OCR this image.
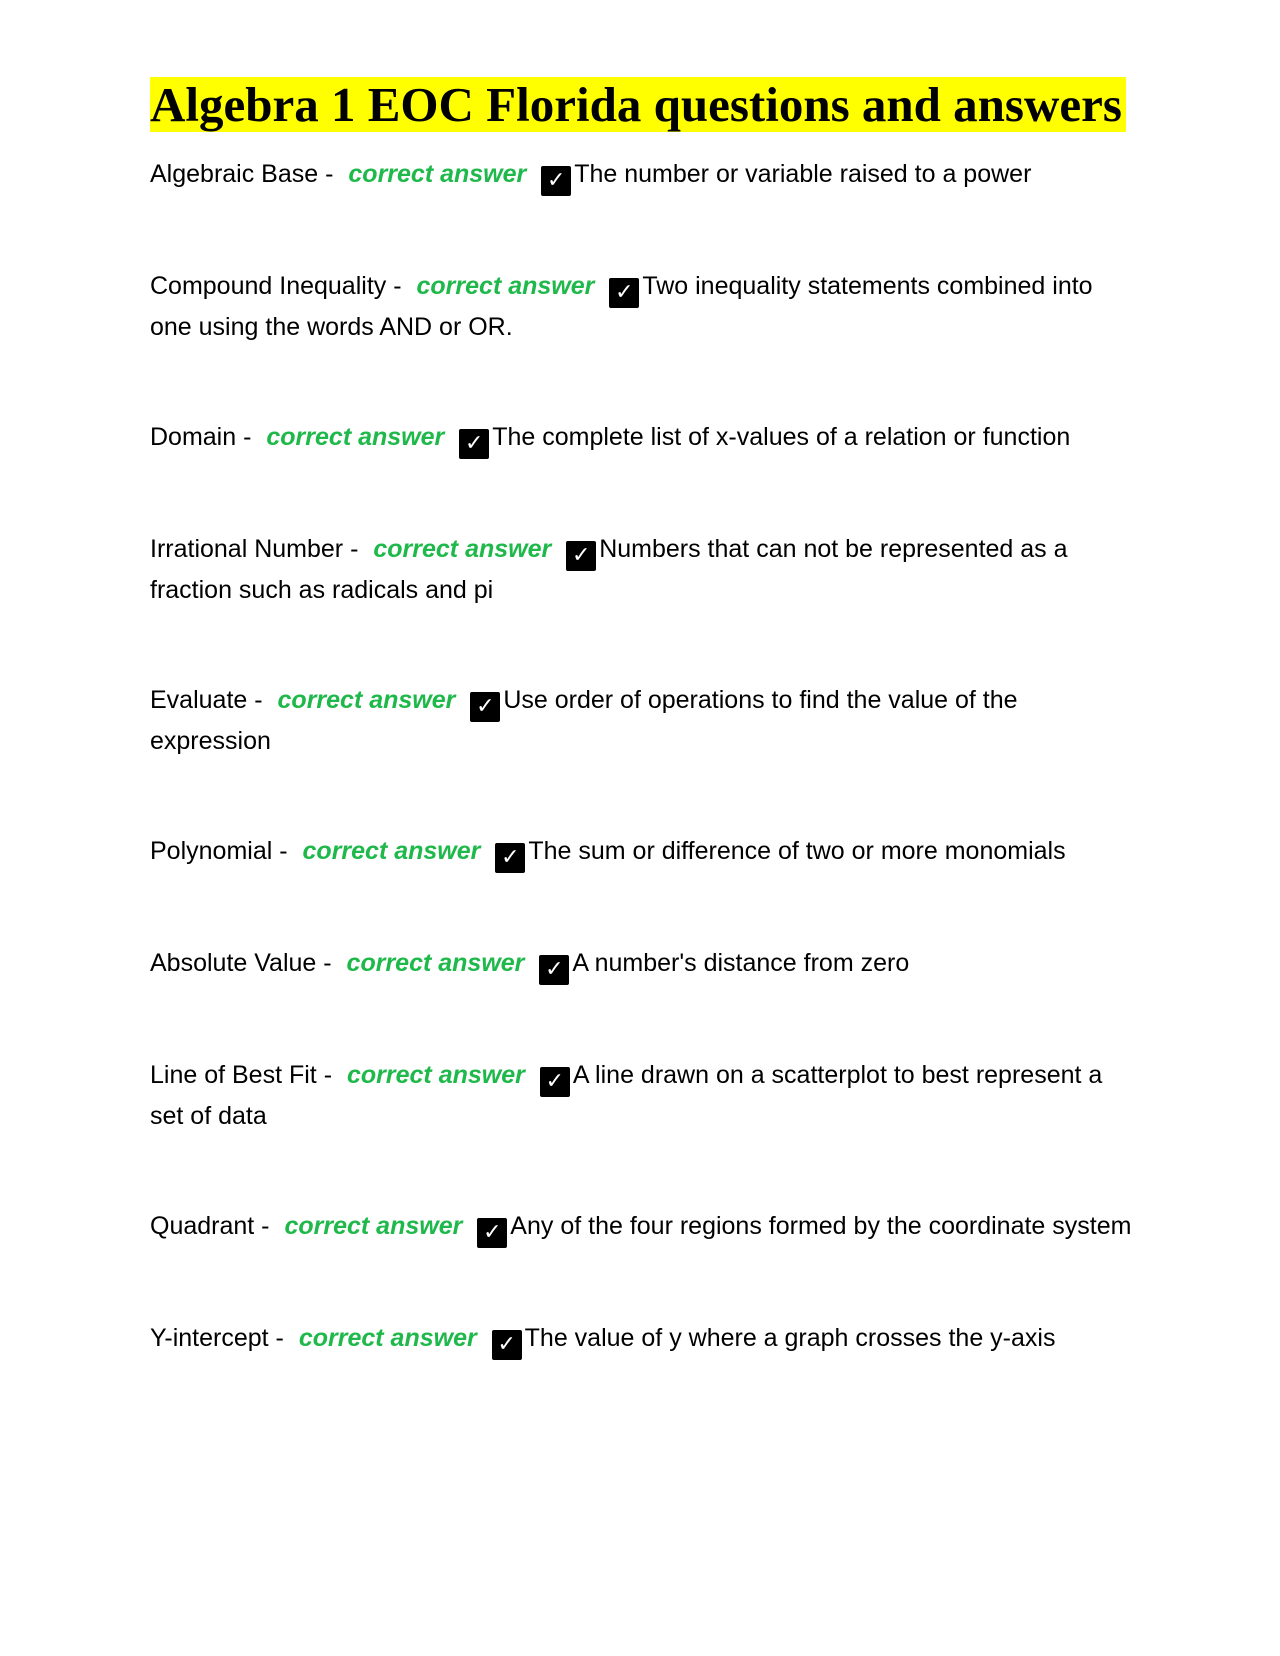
Algebra 1 EOC Florida questions and answers

Algebraic Base - correct answer ✓ The number or variable raised to a power

Compound Inequality - correct answer ✓ Two inequality statements combined into one using the words AND or OR.

Domain - correct answer ✓ The complete list of x-values of a relation or function

Irrational Number - correct answer ✓ Numbers that can not be represented as a fraction such as radicals and pi

Evaluate - correct answer ✓ Use order of operations to find the value of the expression

Polynomial - correct answer ✓ The sum or difference of two or more monomials

Absolute Value - correct answer ✓ A number's distance from zero

Line of Best Fit - correct answer ✓ A line drawn on a scatterplot to best represent a set of data

Quadrant - correct answer ✓ Any of the four regions formed by the coordinate system

Y-intercept - correct answer ✓ The value of y where a graph crosses the y-axis
